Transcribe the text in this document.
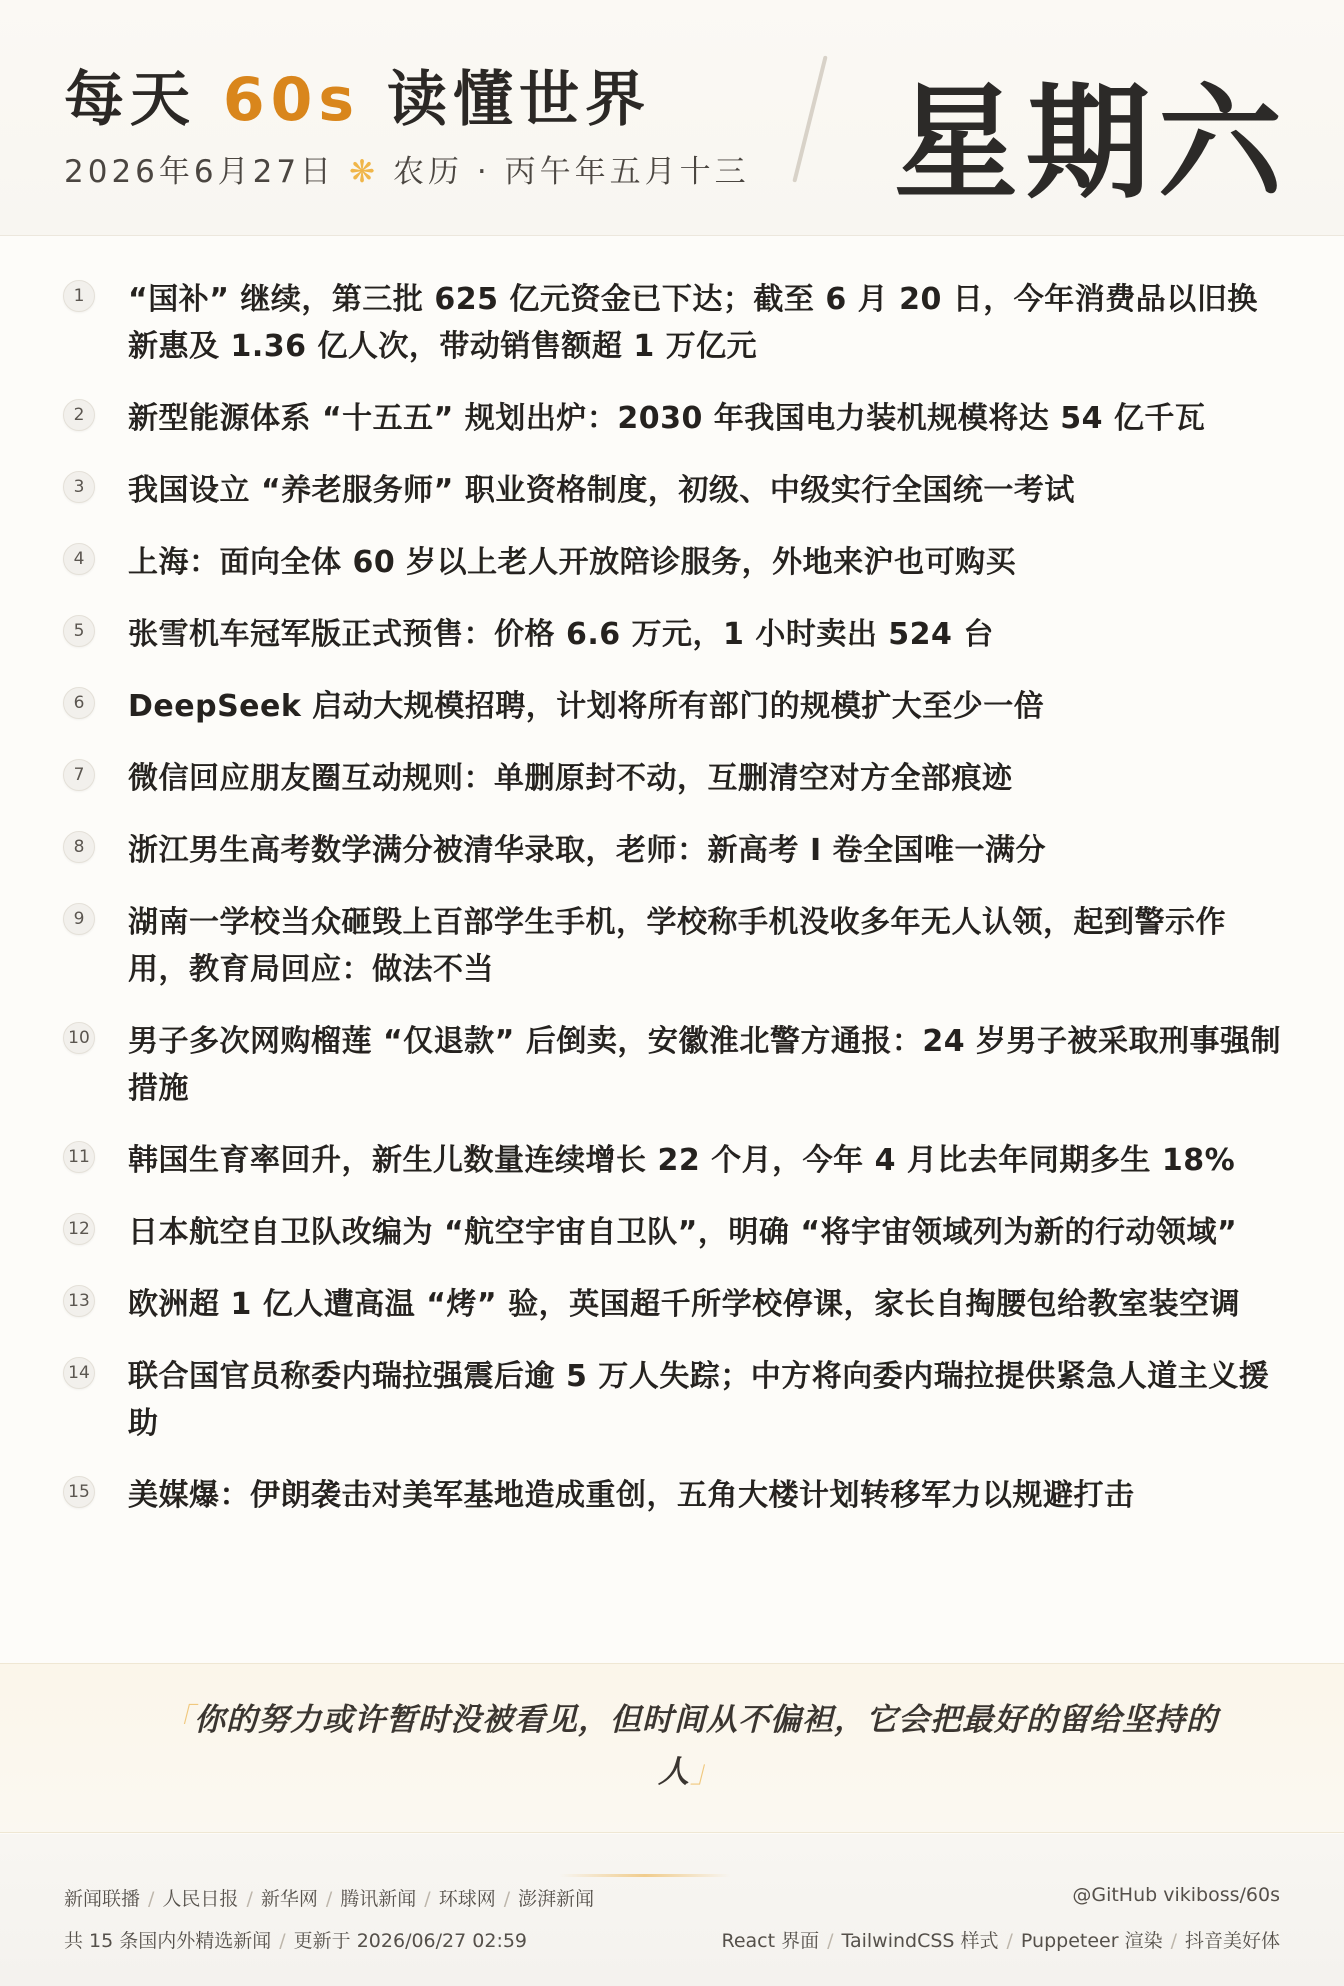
每天 60s 读懂世界
2026年6月27日 ❋ 农历 · 丙午年五月十三 星期六
1	“国补” 继续，第三批 625 亿元资金已下达；截至 6 月 20 日，今年消费品以旧换新惠及 1.36 亿人次，带动销售额超 1 万亿元
2	新型能源体系 “十五五” 规划出炉：2030 年我国电力装机规模将达 54 亿千瓦
3	我国设立 “养老服务师” 职业资格制度，初级、中级实行全国统一考试
4	上海：面向全体 60 岁以上老人开放陪诊服务，外地来沪也可购买
5	张雪机车冠军版正式预售：价格 6.6 万元，1 小时卖出 524 台
6	DeepSeek 启动大规模招聘，计划将所有部门的规模扩大至少一倍
7	微信回应朋友圈互动规则：单删原封不动，互删清空对方全部痕迹
8	浙江男生高考数学满分被清华录取，老师：新高考 Ⅰ 卷全国唯一满分
9	湖南一学校当众砸毁上百部学生手机，学校称手机没收多年无人认领，起到警示作用，教育局回应：做法不当
10 男子多次网购榴莲 “仅退款” 后倒卖，安徽淮北警方通报：24 岁男子被采取刑事强制措施
11 韩国生育率回升，新生儿数量连续增长 22 个月，今年 4 月比去年同期多生 18%
12 日本航空自卫队改编为 “航空宇宙自卫队”，明确 “将宇宙领域列为新的行动领域”
13 欧洲超 1 亿人遭高温 “烤” 验，英国超千所学校停课，家长自掏腰包给教室装空调
14 联合国官员称委内瑞拉强震后逾 5 万人失踪；中方将向委内瑞拉提供紧急人道主义援助
15 美媒爆：伊朗袭击对美军基地造成重创，五角大楼计划转移军力以规避打击
「你的努力或许暂时没被看见，但时间从不偏袒，它会把最好的留给坚持的人」
新闻联播 / 人民日报 / 新华网 / 腾讯新闻 / 环球网 / 澎湃新闻	@GitHub vikiboss/60s
共 15 条国内外精选新闻 / 更新于 2026/06/27 02:59	React 界面 / TailwindCSS 样式 / Puppeteer 渲染 / 抖音美好体
